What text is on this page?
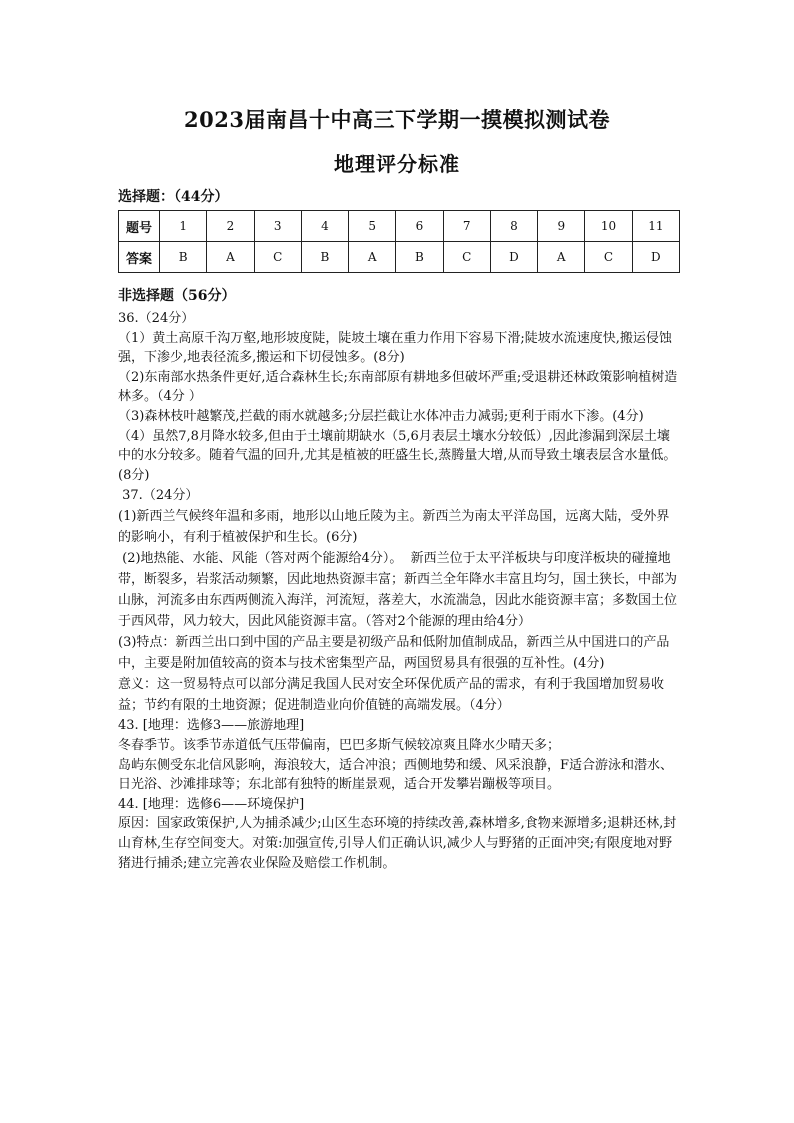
2023届南昌十中高三下学期一摸模拟测试卷
地理评分标准
选择题：（44分）
题号	1	2	3	4	5	6	7	8	9	10	11
答案	B	A	C	B	A	B	C	D	A	C	D
非选择题（56分）

36.（24分）

（1）黄土高原千沟万壑,地形坡度陡，陡坡土壤在重力作用下容易下滑;陡坡水流速度快,搬运侵蚀强，下渗少,地表径流多,搬运和下切侵蚀多。(8分)

（2)东南部水热条件更好,适合森林生长;东南部原有耕地多但破坏严重;受退耕还林政策影响植树造林多。（4分 ）

（3)森林枝叶越繁茂,拦截的雨水就越多;分层拦截让水体冲击力减弱;更利于雨水下渗。(4分)

（4）虽然7,8月降水较多,但由于土壤前期缺水（5,6月表层土壤水分较低）,因此渗漏到深层土壤中的水分较多。随着气温的回升,尤其是植被的旺盛生长,蒸腾量大增,从而导致土壤表层含水量低。(8分)

37.（24分）

(1)新西兰气候终年温和多雨，地形以山地丘陵为主。新西兰为南太平洋岛国，远离大陆，受外界的影响小，有利于植被保护和生长。(6分)

(2)地热能、水能、风能（答对两个能源给4分）。  新西兰位于太平洋板块与印度洋板块的碰撞地带，断裂多，岩浆活动频繁，因此地热资源丰富；新西兰全年降水丰富且均匀，国土狭长，中部为山脉，河流多由东西两侧流入海洋，河流短，落差大，水流湍急，因此水能资源丰富；多数国土位于西风带，风力较大，因此风能资源丰富。（答对2个能源的理由给4分）

(3)特点：新西兰出口到中国的产品主要是初级产品和低附加值制成品，新西兰从中国进口的产品中，主要是附加值较高的资本与技术密集型产品，两国贸易具有很强的互补性。(4分)

意义：这一贸易特点可以部分满足我国人民对安全环保优质产品的需求，有利于我国增加贸易收益；节约有限的土地资源；促进制造业向价值链的高端发展。（4分）

43. [地理：选修3——旅游地理]

冬春季节。该季节赤道低气压带偏南，巴巴多斯气候较凉爽且降水少晴天多；

岛屿东侧受东北信风影响，海浪较大，适合冲浪；西侧地势和缓、风采浪静，F适合游泳和潜水、日光浴、沙滩排球等；东北部有独特的断崖景观，适合开发攀岩蹦极等项目。

44. [地理：选修6——环境保护]

原因：国家政策保护,人为捕杀减少;山区生态环境的持续改善,森林增多,食物来源增多;退耕还林,封山育林,生存空间变大。对策:加强宣传,引导人们正确认识,减少人与野猪的正面冲突;有限度地对野猪进行捕杀;建立完善农业保险及赔偿工作机制。
